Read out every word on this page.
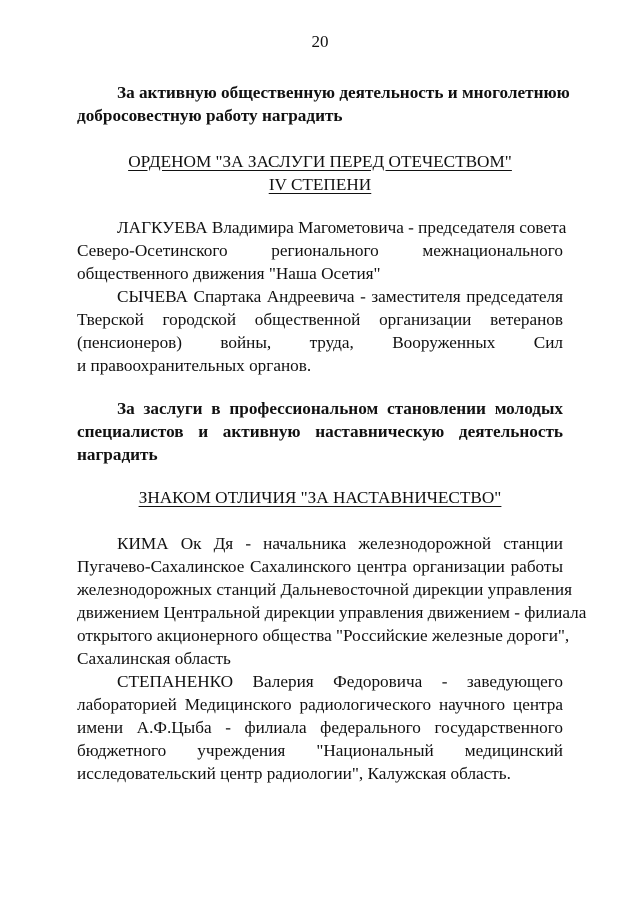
20
За активную общественную деятельность и многолетнюю
добросовестную работу наградить
ОРДЕНОМ "ЗА ЗАСЛУГИ ПЕРЕД ОТЕЧЕСТВОМ"
IV СТЕПЕНИ
ЛАГКУЕВА Владимира Магометовича - председателя совета
Северо-Осетинского регионального межнационального
общественного движения "Наша Осетия"
СЫЧЕВА Спартака Андреевича - заместителя председателя
Тверской городской общественной организации ветеранов
(пенсионеров) войны, труда, Вооруженных Сил
и правоохранительных органов.
За заслуги в профессиональном становлении молодых
специалистов и активную наставническую деятельность
наградить
ЗНАКОМ ОТЛИЧИЯ "ЗА НАСТАВНИЧЕСТВО"
КИМА Ок Дя - начальника железнодорожной станции
Пугачево-Сахалинское Сахалинского центра организации работы
железнодорожных станций Дальневосточной дирекции управления
движением Центральной дирекции управления движением - филиала
открытого акционерного общества "Российские железные дороги",
Сахалинская область
СТЕПАНЕНКО Валерия Федоровича - заведующего
лабораторией Медицинского радиологического научного центра
имени А.Ф.Цыба - филиала федерального государственного
бюджетного учреждения "Национальный медицинский
исследовательский центр радиологии", Калужская область.
